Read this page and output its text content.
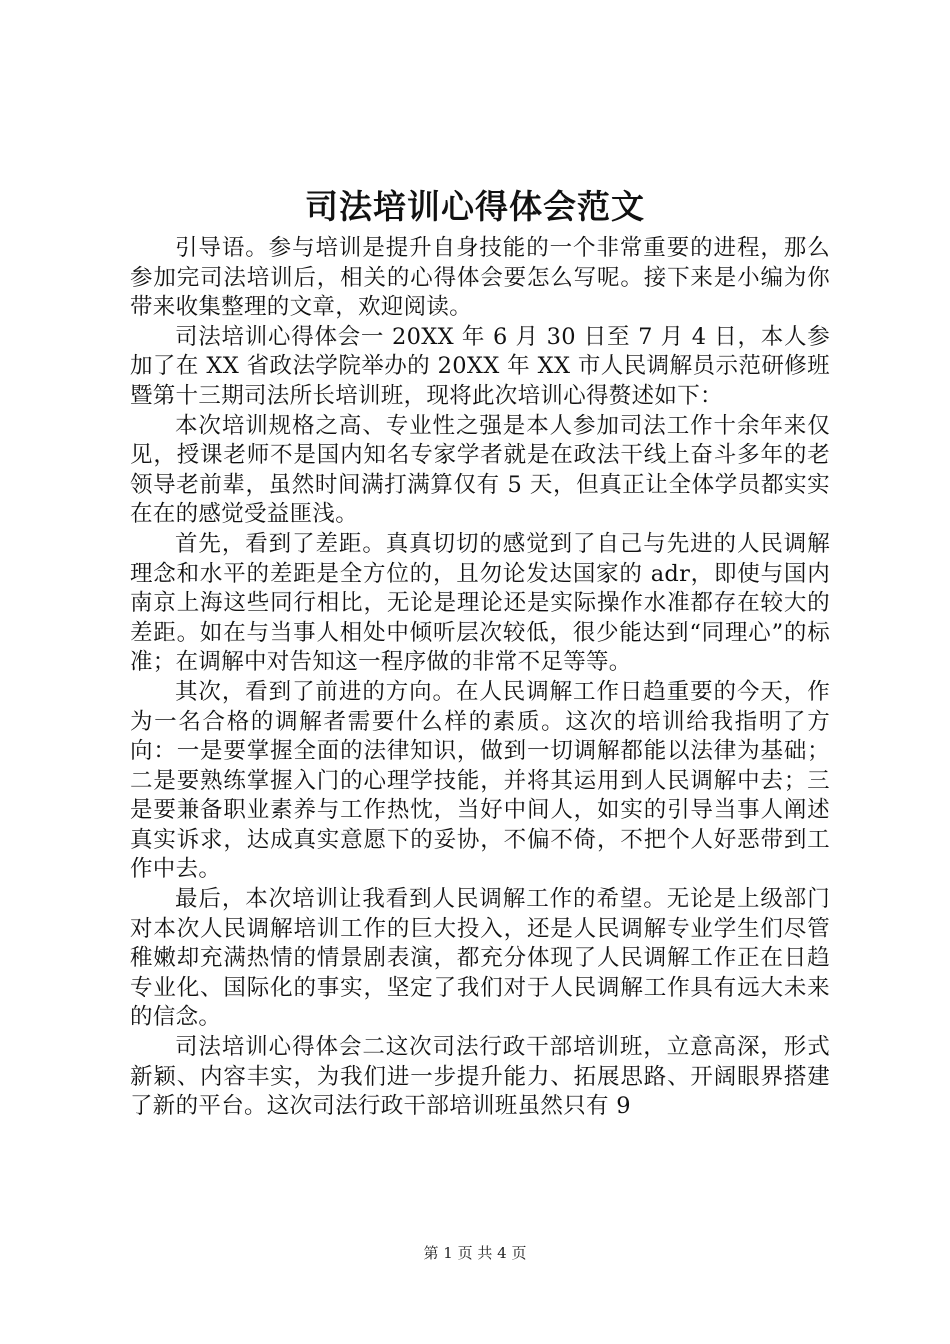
司法培训心得体会范文

引导语。参与培训是提升自身技能的一个非常重要的进程，那么参加完司法培训后，相关的心得体会要怎么写呢。接下来是小编为你带来收集整理的文章，欢迎阅读。

司法培训心得体会一 20XX 年 6 月 30 日至 7 月 4 日，本人参加了在 XX 省政法学院举办的 20XX 年 XX 市人民调解员示范研修班暨第十三期司法所长培训班，现将此次培训心得赘述如下：

本次培训规格之高、专业性之强是本人参加司法工作十余年来仅见，授课老师不是国内知名专家学者就是在政法干线上奋斗多年的老领导老前辈，虽然时间满打满算仅有 5 天，但真正让全体学员都实实在在的感觉受益匪浅。

首先，看到了差距。真真切切的感觉到了自己与先进的人民调解理念和水平的差距是全方位的，且勿论发达国家的 adr，即使与国内南京上海这些同行相比，无论是理论还是实际操作水准都存在较大的差距。如在与当事人相处中倾听层次较低，很少能达到“同理心”的标准；在调解中对告知这一程序做的非常不足等等。

其次，看到了前进的方向。在人民调解工作日趋重要的今天，作为一名合格的调解者需要什么样的素质。这次的培训给我指明了方向：一是要掌握全面的法律知识，做到一切调解都能以法律为基础；二是要熟练掌握入门的心理学技能，并将其运用到人民调解中去；三是要兼备职业素养与工作热忱，当好中间人，如实的引导当事人阐述真实诉求，达成真实意愿下的妥协，不偏不倚，不把个人好恶带到工作中去。

最后，本次培训让我看到人民调解工作的希望。无论是上级部门对本次人民调解培训工作的巨大投入，还是人民调解专业学生们尽管稚嫩却充满热情的情景剧表演，都充分体现了人民调解工作正在日趋专业化、国际化的事实，坚定了我们对于人民调解工作具有远大未来的信念。

司法培训心得体会二这次司法行政干部培训班，立意高深，形式新颖、内容丰实，为我们进一步提升能力、拓展思路、开阔眼界搭建了新的平台。这次司法行政干部培训班虽然只有 9

第 1 页 共 4 页
